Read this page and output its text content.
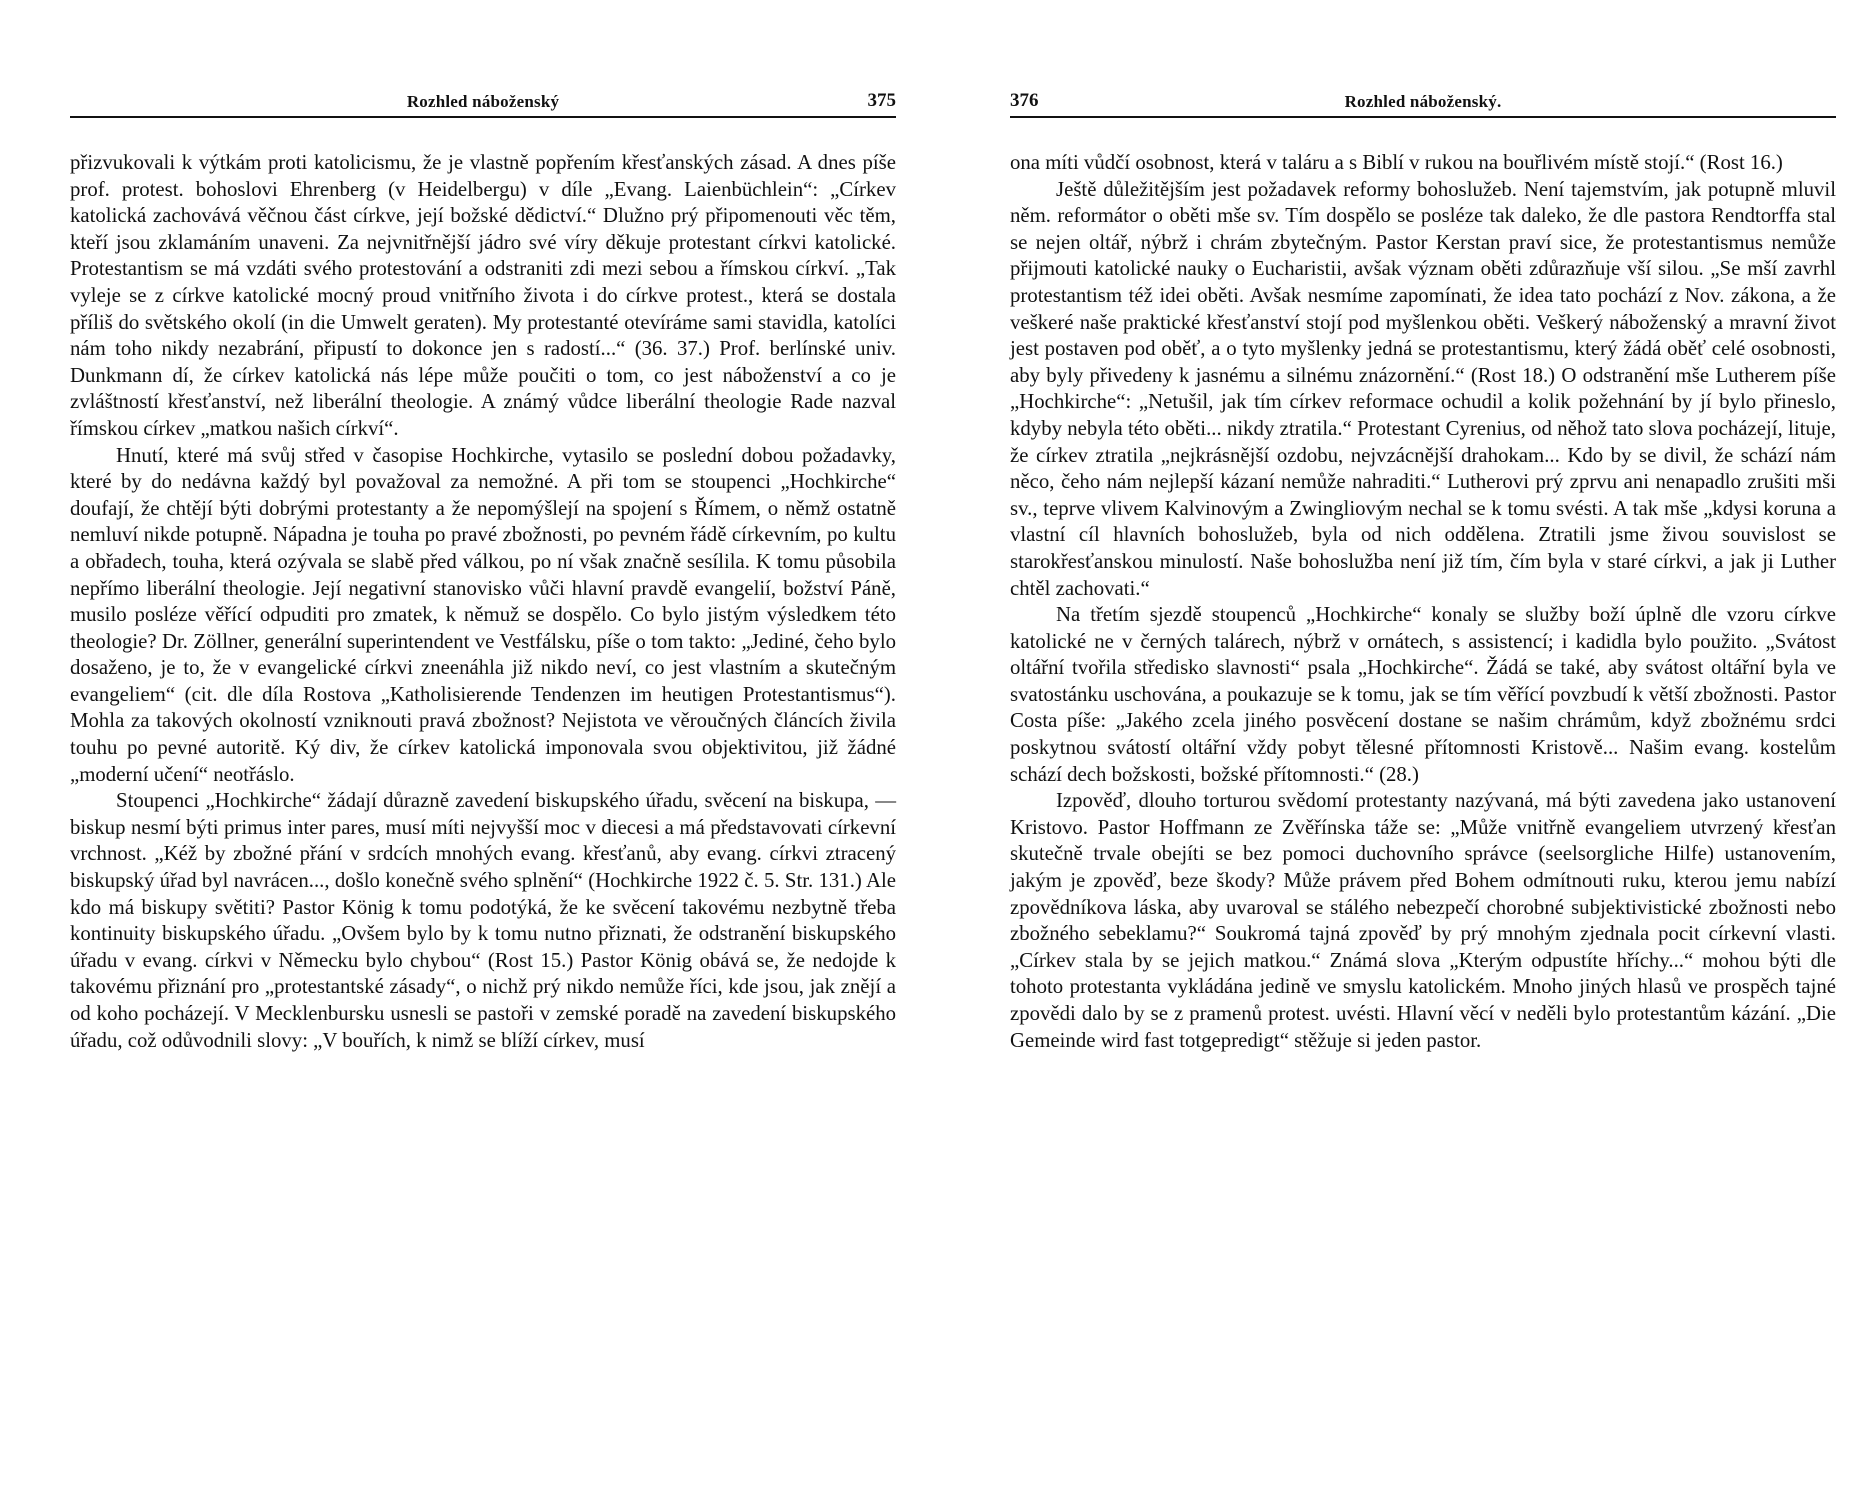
Rozhled náboženský	375

přizvukovali k výtkám proti katolicismu, že je vlastně popřením křesťanských zásad. A dnes píše prof. protest. bohoslovi Ehrenberg (v Heidelbergu) v díle „Evang. Laienbüchlein“: „Církev katolická zachovává věčnou část církve, její božské dědictví.“ Dlužno prý připomenouti věc těm, kteří jsou zklamáním unaveni. Za nejvnitřnější jádro své víry děkuje protestant církvi katolické. Protestantism se má vzdáti svého protestování a odstraniti zdi mezi sebou a římskou církví. „Tak vyleje se z církve katolické mocný proud vnitřního života i do církve protest., která se dostala příliš do světského okolí (in die Umwelt geraten). My protestanté otevíráme sami stavidla, katolíci nám toho nikdy nezabrání, připustí to dokonce jen s radostí...“ (36. 37.) Prof. berlínské univ. Dunkmann dí, že církev katolická nás lépe může poučiti o tom, co jest náboženství a co je zvláštností křesťanství, než liberální theologie. A známý vůdce liberální theologie Rade nazval římskou církev „matkou našich církví“.

Hnutí, které má svůj střed v časopise Hochkirche, vytasilo se poslední dobou požadavky, které by do nedávna každý byl považoval za nemožné. A při tom se stoupenci „Hochkirche“ doufají, že chtějí býti dobrými protestanty a že nepomýšlejí na spojení s Římem, o němž ostatně nemluví nikde potupně. Nápadna je touha po pravé zbožnosti, po pevném řádě církevním, po kultu a obřadech, touha, která ozývala se slabě před válkou, po ní však značně sesílila. K tomu působila nepřímo liberální theologie. Její negativní stanovisko vůči hlavní pravdě evangelií, božství Páně, musilo posléze věřící odpuditi pro zmatek, k němuž se dospělo. Co bylo jistým výsledkem této theologie? Dr. Zöllner, generální superintendent ve Vestfálsku, píše o tom takto: „Jediné, čeho bylo dosaženo, je to, že v evangelické církvi zneenáhla již nikdo neví, co jest vlastním a skutečným evangeliem“ (cit. dle díla Rostova „Katholisierende Tendenzen im heutigen Protestantismus“). Mohla za takových okolností vzniknouti pravá zbožnost? Nejistota ve věroučných článcích živila touhu po pevné autoritě. Ký div, že církev katolická imponovala svou objektivitou, již žádné „moderní učení“ neotřáslo.

Stoupenci „Hochkirche“ žádají důrazně zavedení biskupského úřadu, svěcení na biskupa, — biskup nesmí býti primus inter pares, musí míti nejvyšší moc v diecesi a má představovati církevní vrchnost. „Kéž by zbožné přání v srdcích mnohých evang. křesťanů, aby evang. církvi ztracený biskupský úřad byl navrácen..., došlo konečně svého splnění“ (Hochkirche 1922 č. 5. Str. 131.) Ale kdo má biskupy světiti? Pastor König k tomu podotýká, že ke svěcení takovému nezbytně třeba kontinuity biskupského úřadu. „Ovšem bylo by k tomu nutno přiznati, že odstranění biskupského úřadu v evang. církvi v Německu bylo chybou“ (Rost 15.) Pastor König obává se, že nedojde k takovému přiznání pro „protestantské zásady“, o nichž prý nikdo nemůže říci, kde jsou, jak znějí a od koho pocházejí. V Mecklenbursku usnesli se pastoři v zemské poradě na zavedení biskupského úřadu, což odůvodnili slovy: „V bouřích, k nimž se blíží církev, musí

376	Rozhled náboženský.

ona míti vůdčí osobnost, která v taláru a s Biblí v rukou na bouřlivém místě stojí.“ (Rost 16.)

Ještě důležitějším jest požadavek reformy bohoslužeb. Není tajemstvím, jak potupně mluvil něm. reformátor o oběti mše sv. Tím dospělo se posléze tak daleko, že dle pastora Rendtorffa stal se nejen oltář, nýbrž i chrám zbytečným. Pastor Kerstan praví sice, že protestantismus nemůže přijmouti katolické nauky o Eucharistii, avšak význam oběti zdůrazňuje vší silou. „Se mší zavrhl protestantism též idei oběti. Avšak nesmíme zapomínati, že idea tato pochází z Nov. zákona, a že veškeré naše praktické křesťanství stojí pod myšlenkou oběti. Veškerý náboženský a mravní život jest postaven pod oběť, a o tyto myšlenky jedná se protestantismu, který žádá oběť celé osobnosti, aby byly přivedeny k jasnému a silnému znázornění.“ (Rost 18.) O odstranění mše Lutherem píše „Hochkirche“: „Netušil, jak tím církev reformace ochudil a kolik požehnání by jí bylo přineslo, kdyby nebyla této oběti... nikdy ztratila.“ Protestant Cyrenius, od něhož tato slova pocházejí, lituje, že církev ztratila „nejkrásnější ozdobu, nejvzácnější drahokam... Kdo by se divil, že schází nám něco, čeho nám nejlepší kázaní nemůže nahraditi.“ Lutherovi prý zprvu ani nenapadlo zrušiti mši sv., teprve vlivem Kalvinovým a Zwingliovým nechal se k tomu svésti. A tak mše „kdysi koruna a vlastní cíl hlavních bohoslužeb, byla od nich oddělena. Ztratili jsme živou souvislost se starokřesťanskou minulostí. Naše bohoslužba není již tím, čím byla v staré církvi, a jak ji Luther chtěl zachovati.“

Na třetím sjezdě stoupenců „Hochkirche“ konaly se služby boží úplně dle vzoru církve katolické ne v černých talárech, nýbrž v ornátech, s assistencí; i kadidla bylo použito. „Svátost oltářní tvořila středisko slavnosti“ psala „Hochkirche“. Žádá se také, aby svátost oltářní byla ve svatostánku uschována, a poukazuje se k tomu, jak se tím věřící povzbudí k větší zbožnosti. Pastor Costa píše: „Jakého zcela jiného posvěcení dostane se našim chrámům, když zbožnému srdci poskytnou svátostí oltářní vždy pobyt tělesné přítomnosti Kristově... Našim evang. kostelům schází dech božskosti, božské přítomnosti.“ (28.)

Izpověď, dlouho torturou svědomí protestanty nazývaná, má býti zavedena jako ustanovení Kristovo. Pastor Hoffmann ze Zvěřínska táže se: „Může vnitřně evangeliem utvrzený křesťan skutečně trvale obejíti se bez pomoci duchovního správce (seelsorgliche Hilfe) ustanovením, jakým je zpověď, beze škody? Může právem před Bohem odmítnouti ruku, kterou jemu nabízí zpovědníkova láska, aby uvaroval se stálého nebezpečí chorobné subjektivistické zbožnosti nebo zbožného sebeklamu?“ Soukromá tajná zpověď by prý mnohým zjednala pocit církevní vlasti. „Církev stala by se jejich matkou.“ Známá slova „Kterým odpustíte hříchy...“ mohou býti dle tohoto protestanta vykládána jedině ve smyslu katolickém. Mnoho jiných hlasů ve prospěch tajné zpovědi dalo by se z pramenů protest. uvésti. Hlavní věcí v neděli bylo protestantům kázání. „Die Gemeinde wird fast totgepredigt“ stěžuje si jeden pastor.
